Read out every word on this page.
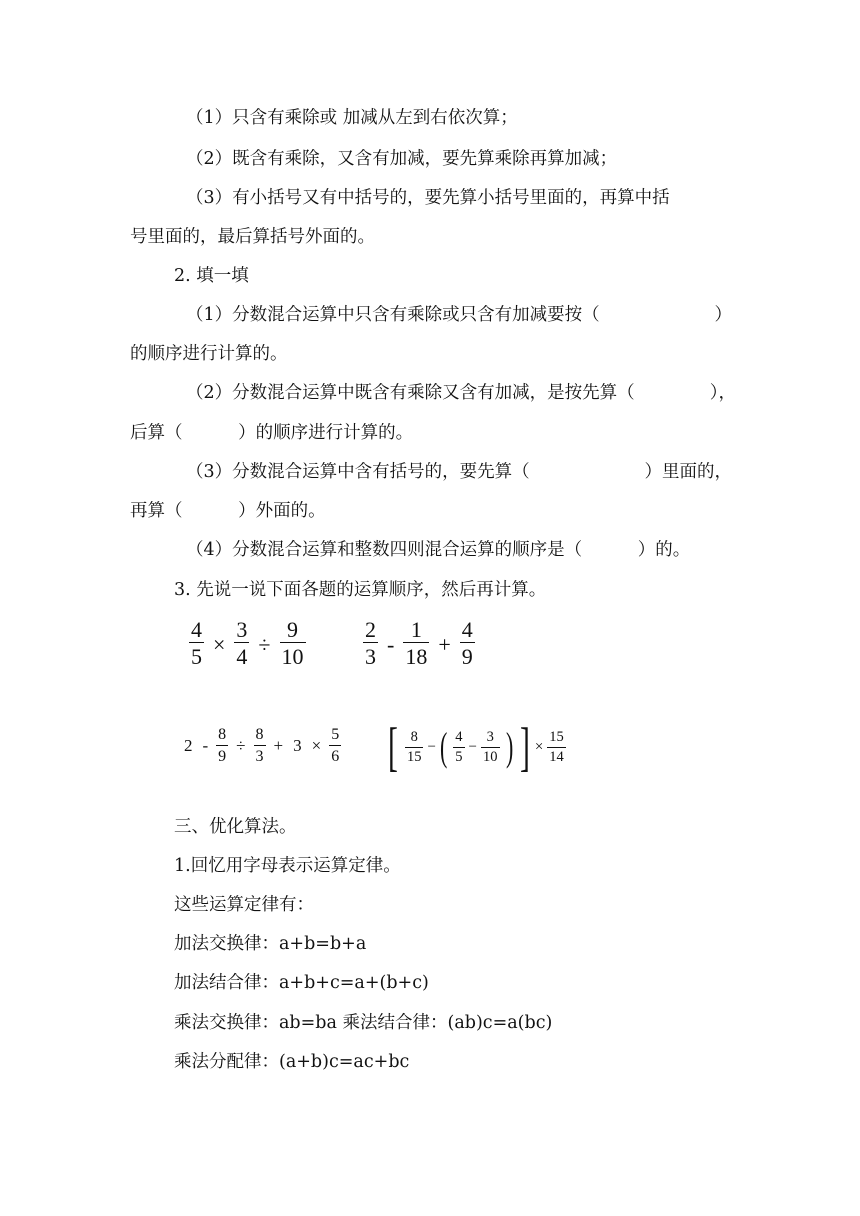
（1）只含有乘除或 加减从左到右依次算；
（2）既含有乘除，又含有加减，要先算乘除再算加减；
（3）有小括号又有中括号的，要先算小括号里面的，再算中括
号里面的，最后算括号外面的。
2. 填一填
（1）分数混合运算中只含有乘除或只含有加减要按（	）
的顺序进行计算的。
（2）分数混合运算中既含有乘除又含有加减，是按先算（	），
后算（          ）的顺序进行计算的。
（3）分数混合运算中含有括号的，要先算（	）里面的，
再算（          ）外面的。
（4）分数混合运算和整数四则混合运算的顺序是（          ）的。
3. 先说一说下面各题的运算顺序，然后再计算。
$\frac{4}{5} \times \frac{3}{4} \div \frac{9}{10}$	$\frac{2}{3} - \frac{1}{18} + \frac{4}{9}$
$2 - \frac{8}{9} \div \frac{8}{3} + 3 \times \frac{5}{6}$ [ $\frac{8}{15}$ − ( $\frac{4}{5} - \frac{3}{10}$ ) ] × $\frac{15}{14}$
三、优化算法。
1.回忆用字母表示运算定律。
这些运算定律有：
加法交换律：a+b=b+a
加法结合律：a+b+c=a+(b+c)
乘法交换律：ab=ba 乘法结合律：(ab)c=a(bc)
乘法分配律：(a+b)c=ac+bc
